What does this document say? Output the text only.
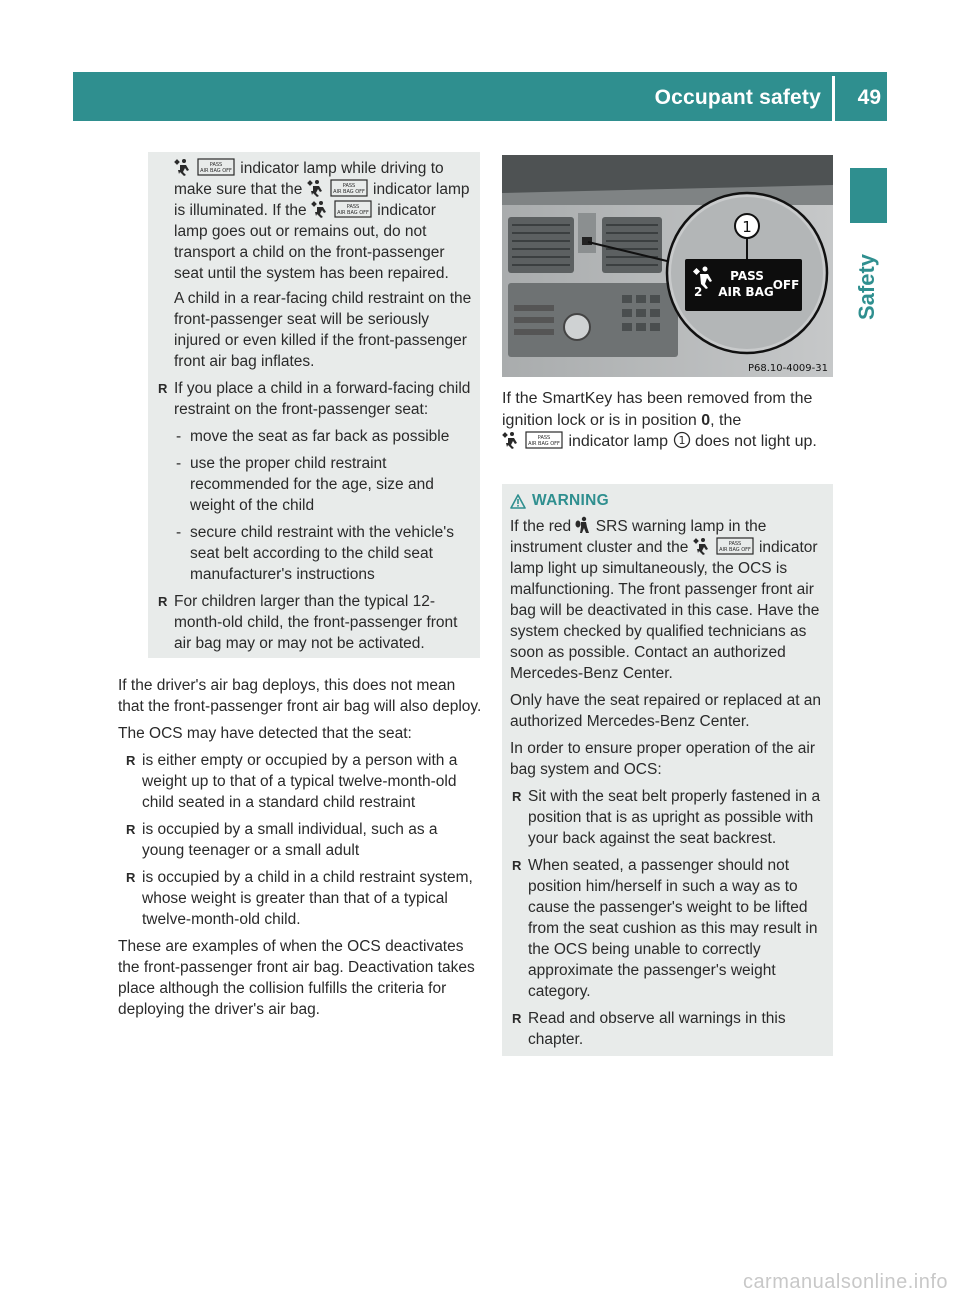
Occupant safety 49
Safety

PASS
AIR BAG OFF indicator lamp while driving to make sure that the	PASS
AIR BAG OFF indicator lamp is illuminated. If the	PASS
AIR BAG OFF indicator lamp goes out or remains out, do not transport a child on the front-passenger seat until the system has been repaired.

A child in a rear-facing child restraint on the front-passenger seat will be seriously injured or even killed if the front-passenger front air bag inflates.

R If you place a child in a forward-facing child restraint on the front-passenger seat:
- move the seat as far back as possible
- use the proper child restraint recommended for the age, size and weight of the child
- secure child restraint with the vehicle's seat belt according to the child seat manufacturer's instructions
R For children larger than the typical 12-month-old child, the front-passenger front air bag may or may not be activated.

If the driver's air bag deploys, this does not mean that the front-passenger front air bag will also deploy.

The OCS may have detected that the seat:

R is either empty or occupied by a person with a weight up to that of a typical twelve-month-old child seated in a standard child restraint
R is occupied by a small individual, such as a young teenager or a small adult
R is occupied by a child in a child restraint system, whose weight is greater than that of a typical twelve-month-old child.

These are examples of when the OCS deactivates the front-passenger front air bag. Deactivation takes place although the collision fulfills the criteria for deploying the driver's air bag.

2
PASS
AIR BAG
OFF
1
P68.10-4009-31

If the SmartKey has been removed from the ignition lock or is in position 0, the

PASS
AIR BAG OFF indicator lamp 1 does not light up.

WARNING

If the red
SRS warning lamp in the instrument cluster and the	PASS
AIR BAG OFF indicator lamp light up simultaneously, the OCS is malfunctioning. The front passenger front air bag will be deactivated in this case. Have the system checked by qualified technicians as soon as possible. Contact an authorized Mercedes-Benz Center.

Only have the seat repaired or replaced at an authorized Mercedes-Benz Center.

In order to ensure proper operation of the air bag system and OCS:

R Sit with the seat belt properly fastened in a position that is as upright as possible with your back against the seat backrest.
R When seated, a passenger should not position him/herself in such a way as to cause the passenger's weight to be lifted from the seat cushion as this may result in the OCS being unable to correctly approximate the passenger's weight category.
R Read and observe all warnings in this chapter.
carmanualsonline.info
